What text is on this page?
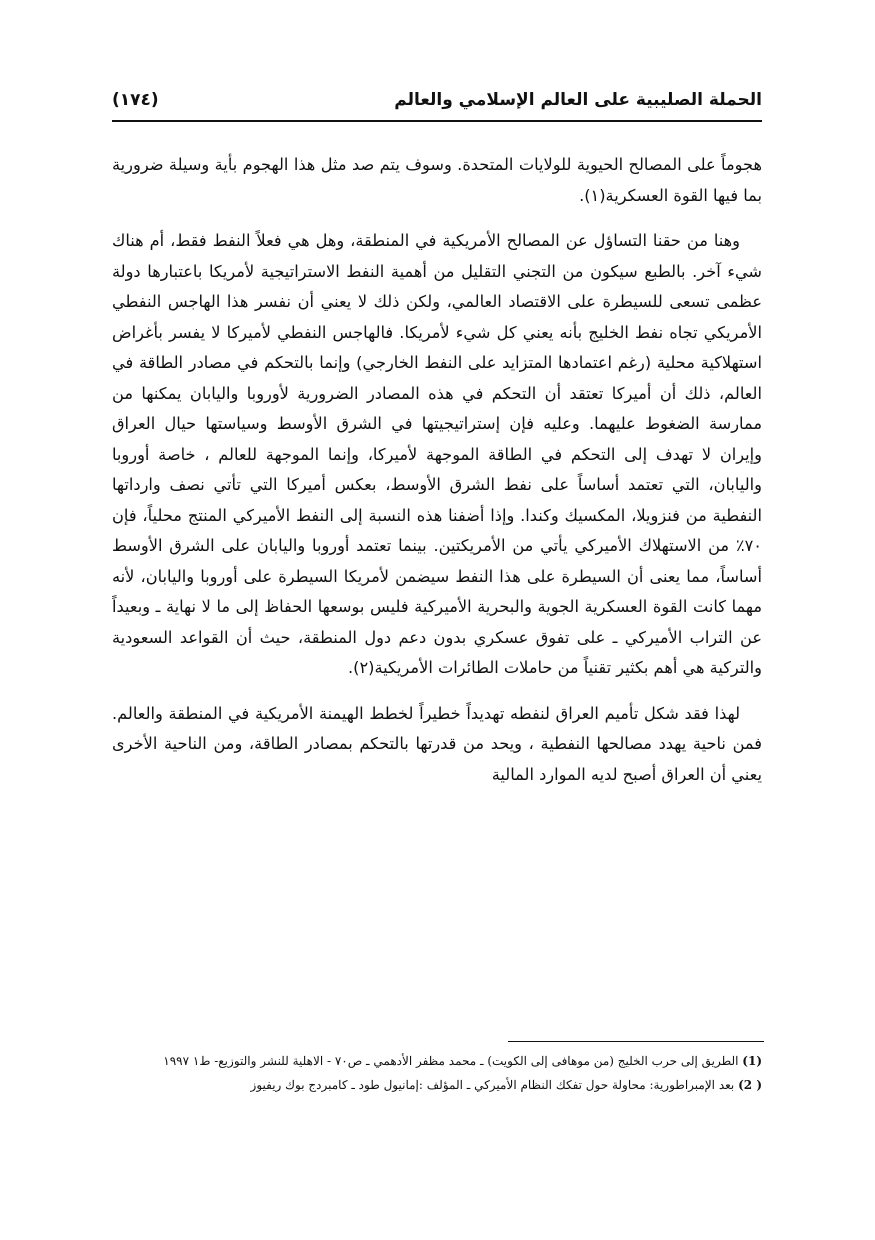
الحملة الصليبية على العالم الإسلامي والعالم
(١٧٤)

هجوماً على المصالح الحيوية للولايات المتحدة. وسوف يتم صد مثل هذا الهجوم بأية وسيلة ضرورية بما فيها القوة العسكرية(١).

وهنا من حقنا التساؤل عن المصالح الأمريكية في المنطقة، وهل هي فعلاً النفط فقط، أم هناك شيء آخر. بالطبع سيكون من التجني التقليل من أهمية النفط الاستراتيجية لأمريكا باعتبارها دولة عظمى تسعى للسيطرة على الاقتصاد العالمي، ولكن ذلك لا يعني أن نفسر هذا الهاجس النفطي الأمريكي تجاه نفط الخليج بأنه يعني كل شيء لأمريكا. فالهاجس النفطي لأميركا لا يفسر بأغراض استهلاكية محلية (رغم اعتمادها المتزايد على النفط الخارجي) وإنما بالتحكم في مصادر الطاقة في العالم، ذلك أن أميركا تعتقد أن التحكم في هذه المصادر الضرورية لأوروبا واليابان يمكنها من ممارسة الضغوط عليهما. وعليه فإن إستراتيجيتها في الشرق الأوسط وسياستها حيال العراق وإيران لا تهدف إلى التحكم في الطاقة الموجهة لأميركا، وإنما الموجهة للعالم ، خاصة أوروبا واليابان، التي تعتمد أساساً على نفط الشرق الأوسط، بعكس أميركا التي تأتي نصف وارداتها النفطية من فنزويلا، المكسيك وكندا. وإذا أضفنا هذه النسبة إلى النفط الأميركي المنتج محلياً، فإن ٧٠٪ من الاستهلاك الأميركي يأتي من الأمريكتين. بينما تعتمد أوروبا واليابان على الشرق الأوسط أساساً، مما يعنى أن السيطرة على هذا النفط سيضمن لأمريكا السيطرة على أوروبا واليابان، لأنه مهما كانت القوة العسكرية الجوية والبحرية الأميركية فليس بوسعها الحفاظ إلى ما لا نهاية ـ وبعيداً عن التراب الأميركي ـ على تفوق عسكري بدون دعم دول المنطقة، حيث أن القواعد السعودية والتركية هي أهم بكثير تقنياً من حاملات الطائرات الأمريكية(٢).

لهذا فقد شكل تأميم العراق لنفطه تهديداً خطيراً لخطط الهيمنة الأمريكية في المنطقة والعالم. فمن ناحية يهدد مصالحها النفطية ، ويحد من قدرتها بالتحكم بمصادر الطاقة، ومن الناحية الأخرى يعني أن العراق أصبح لديه الموارد المالية

(1) الطريق إلى حرب الخليج (من موهافى إلى الكويت) ـ محمد مظفر الأدهمي ـ ص٧٠ - الاهلية للنشر والتوزيع- ط١ ١٩٩٧

( 2) بعد الإمبراطورية: محاولة حول تفكك النظام الأميركي ـ المؤلف :إمانيول طود ـ كامبردج بوك ريفيوز
